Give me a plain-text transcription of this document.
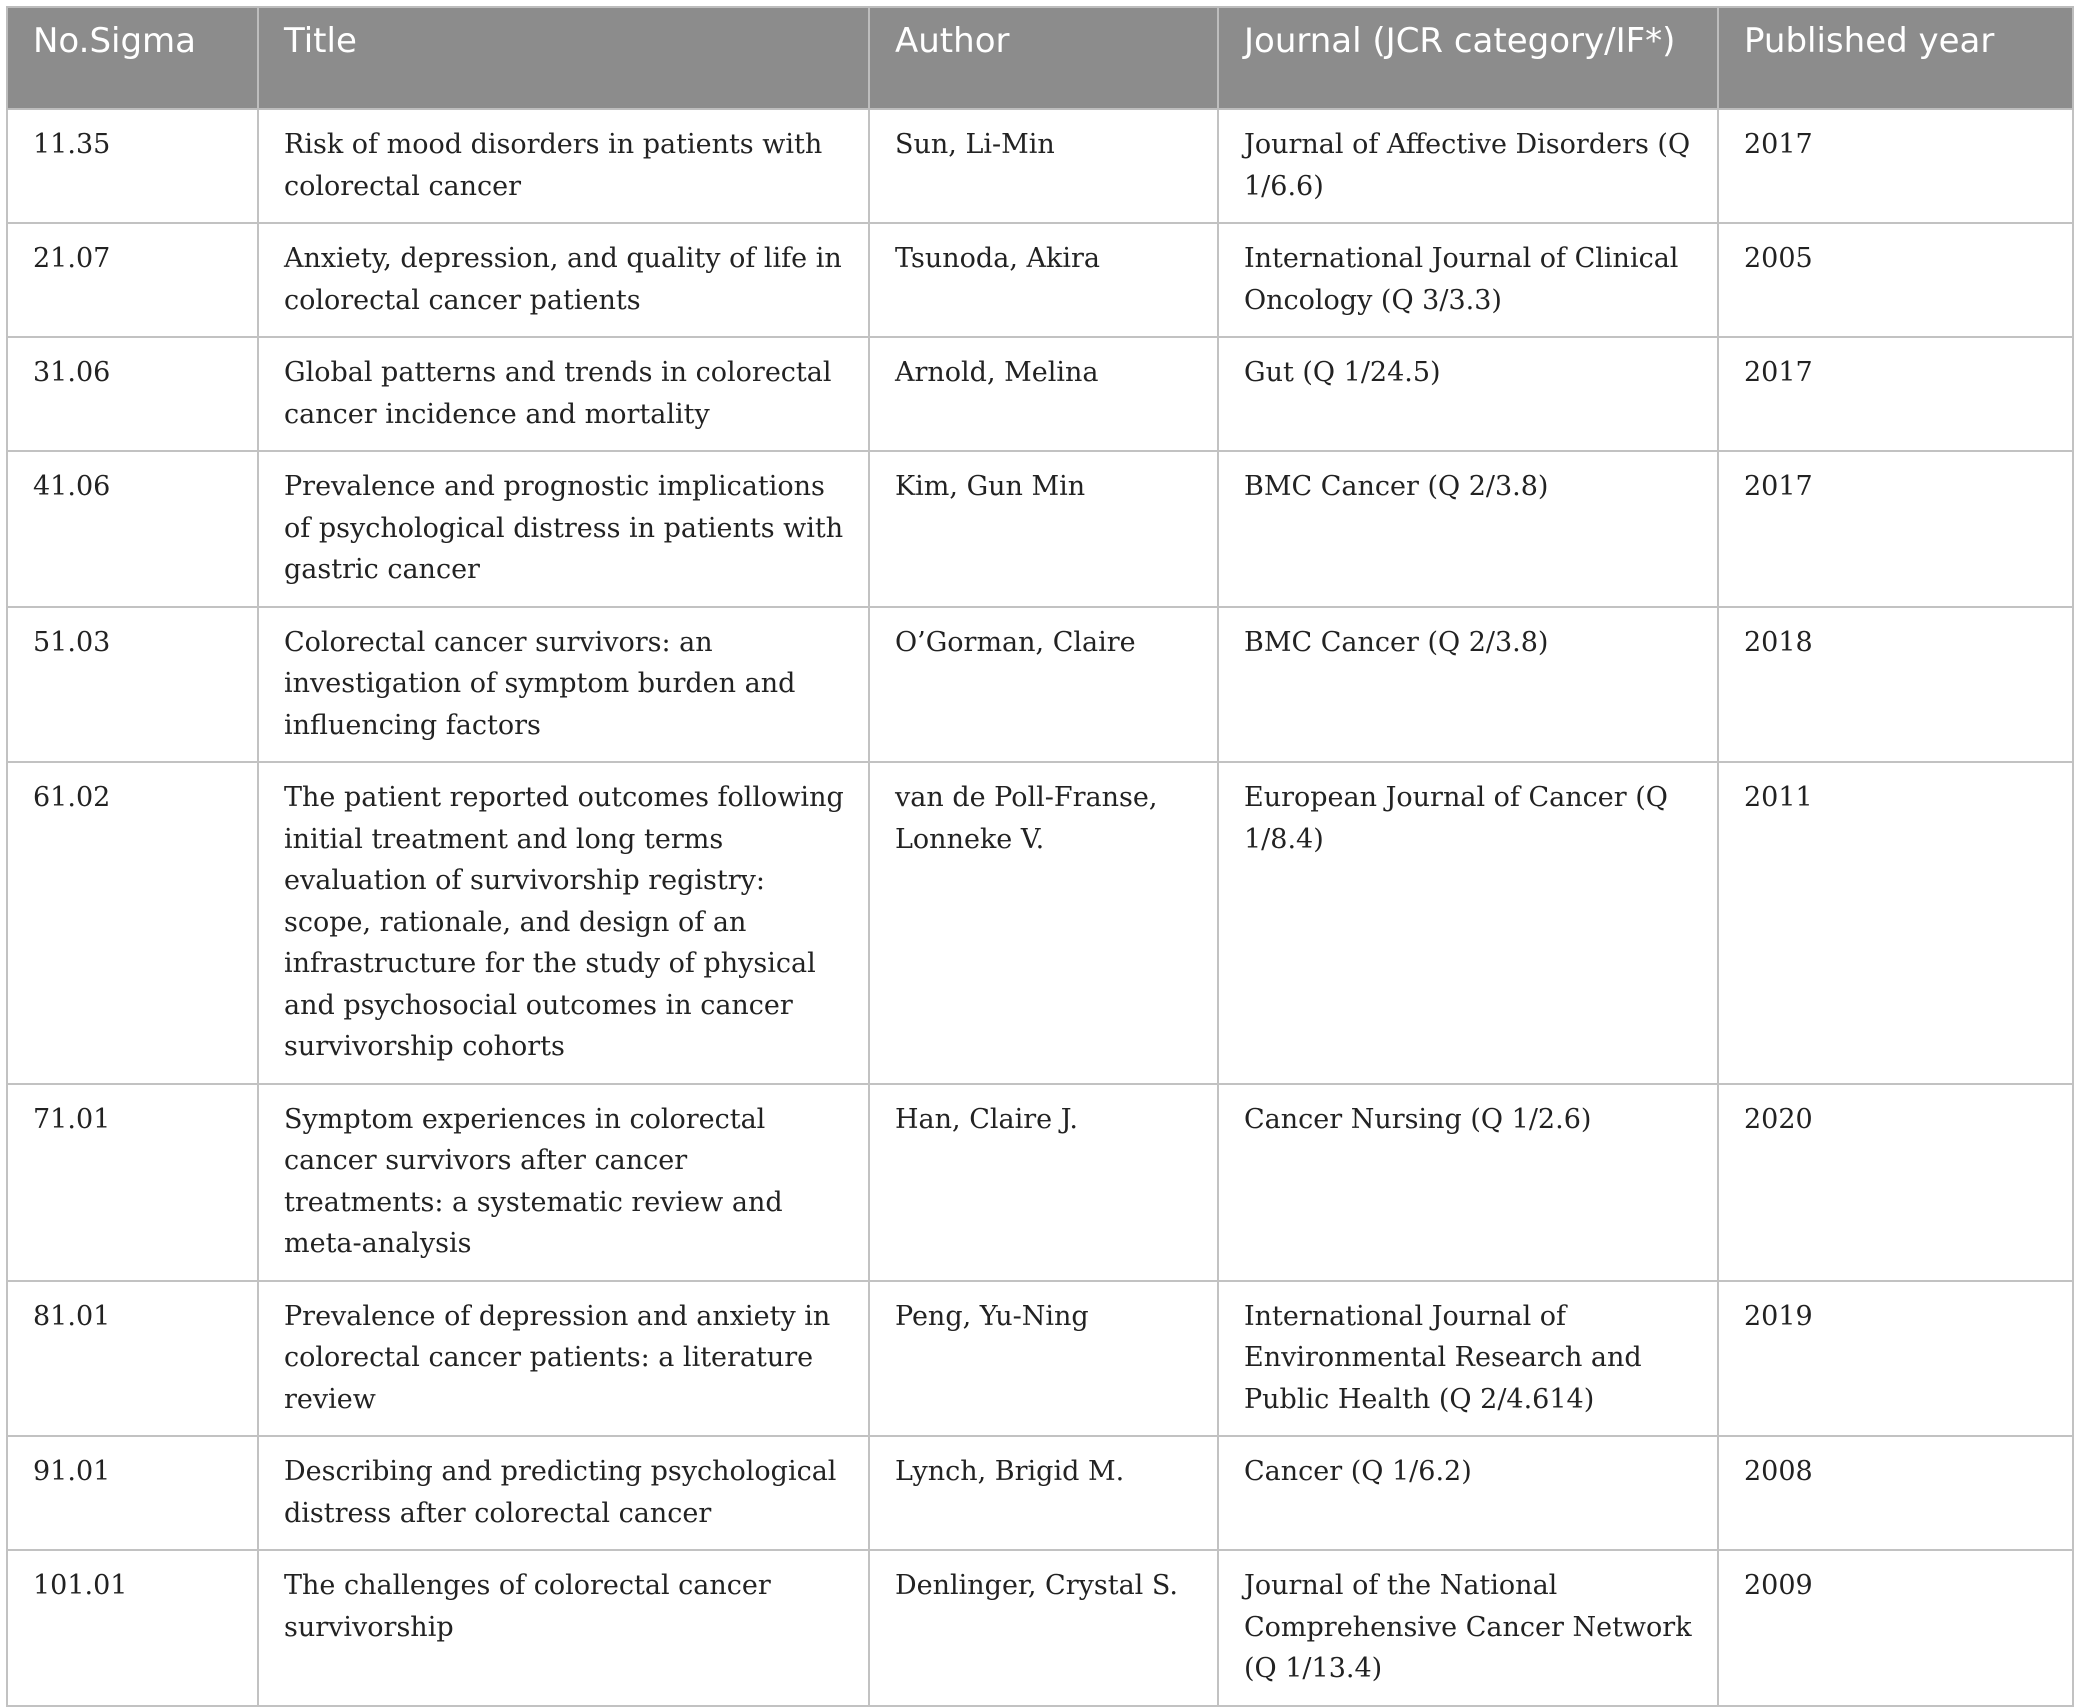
No.Sigma	Title	Author	Journal (JCR category/IF*)	Published year
11.35	Risk of mood disorders in patients with colorectal cancer	Sun, Li-Min	Journal of Affective Disorders (Q 1/6.6)	2017
21.07	Anxiety, depression, and quality of life in colorectal cancer patients	Tsunoda, Akira	International Journal of Clinical Oncology (Q 3/3.3)	2005
31.06	Global patterns and trends in colorectal cancer incidence and mortality	Arnold, Melina	Gut (Q 1/24.5)	2017
41.06	Prevalence and prognostic implications of psychological distress in patients with gastric cancer	Kim, Gun Min	BMC Cancer (Q 2/3.8)	2017
51.03	Colorectal cancer survivors: an investigation of symptom burden and influencing factors	O’Gorman, Claire	BMC Cancer (Q 2/3.8)	2018
61.02	The patient reported outcomes following initial treatment and long terms evaluation of survivorship registry: scope, rationale, and design of an infrastructure for the study of physical and psychosocial outcomes in cancer survivorship cohorts	van de Poll-Franse, Lonneke V.	European Journal of Cancer (Q 1/8.4)	2011
71.01	Symptom experiences in colorectal cancer survivors after cancer treatments: a systematic review and meta-analysis	Han, Claire J.	Cancer Nursing (Q 1/2.6)	2020
81.01	Prevalence of depression and anxiety in colorectal cancer patients: a literature review	Peng, Yu-Ning	International Journal of Environmental Research and Public Health (Q 2/4.614)	2019
91.01	Describing and predicting psychological distress after colorectal cancer	Lynch, Brigid M.	Cancer (Q 1/6.2)	2008
101.01	The challenges of colorectal cancer survivorship	Denlinger, Crystal S.	Journal of the National Comprehensive Cancer Network (Q 1/13.4)	2009
